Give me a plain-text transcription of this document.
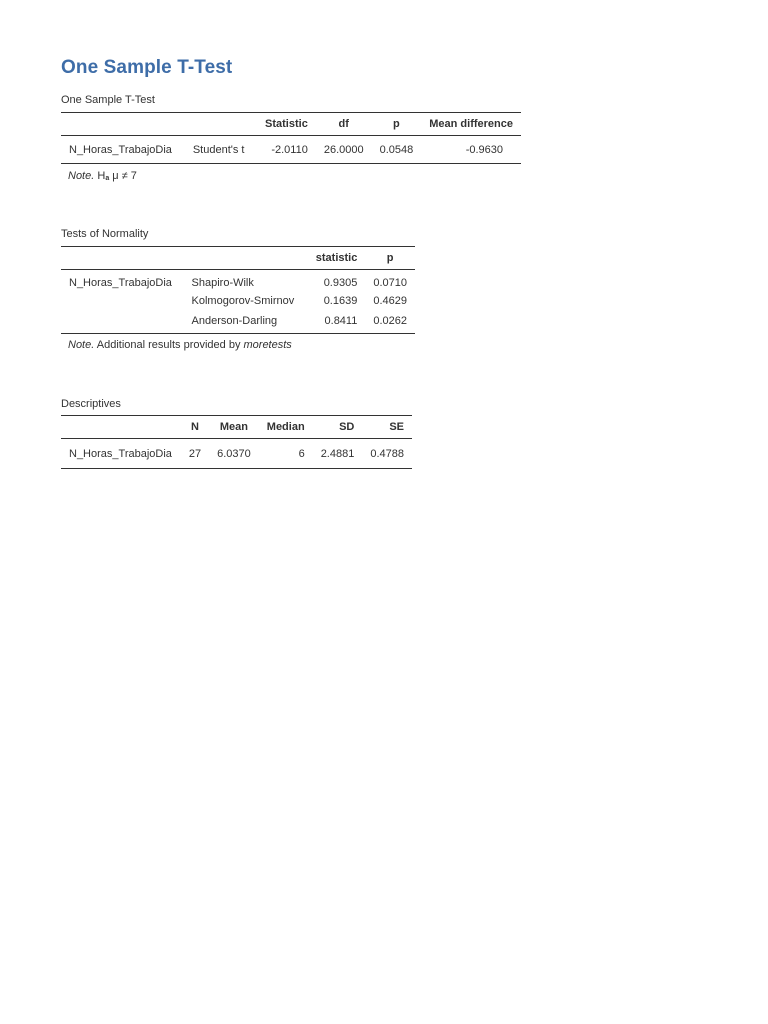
One Sample T-Test
One Sample T-Test
		Statistic	df	p	Mean difference
N_Horas_TrabajoDia	Student's t	-2.0110	26.0000	0.0548	-0.9630
Note. $H_a$ μ ≠ 7
Tests of Normality
		statistic	p
N_Horas_TrabajoDia	Shapiro-Wilk	0.9305	0.0710
	Kolmogorov-Smirnov	0.1639	0.4629
	Anderson-Darling	0.8411	0.0262
Note. Additional results provided by moretests
Descriptives
	N	Mean	Median	SD	SE
N_Horas_TrabajoDia	27	6.0370	6	2.4881	0.4788
